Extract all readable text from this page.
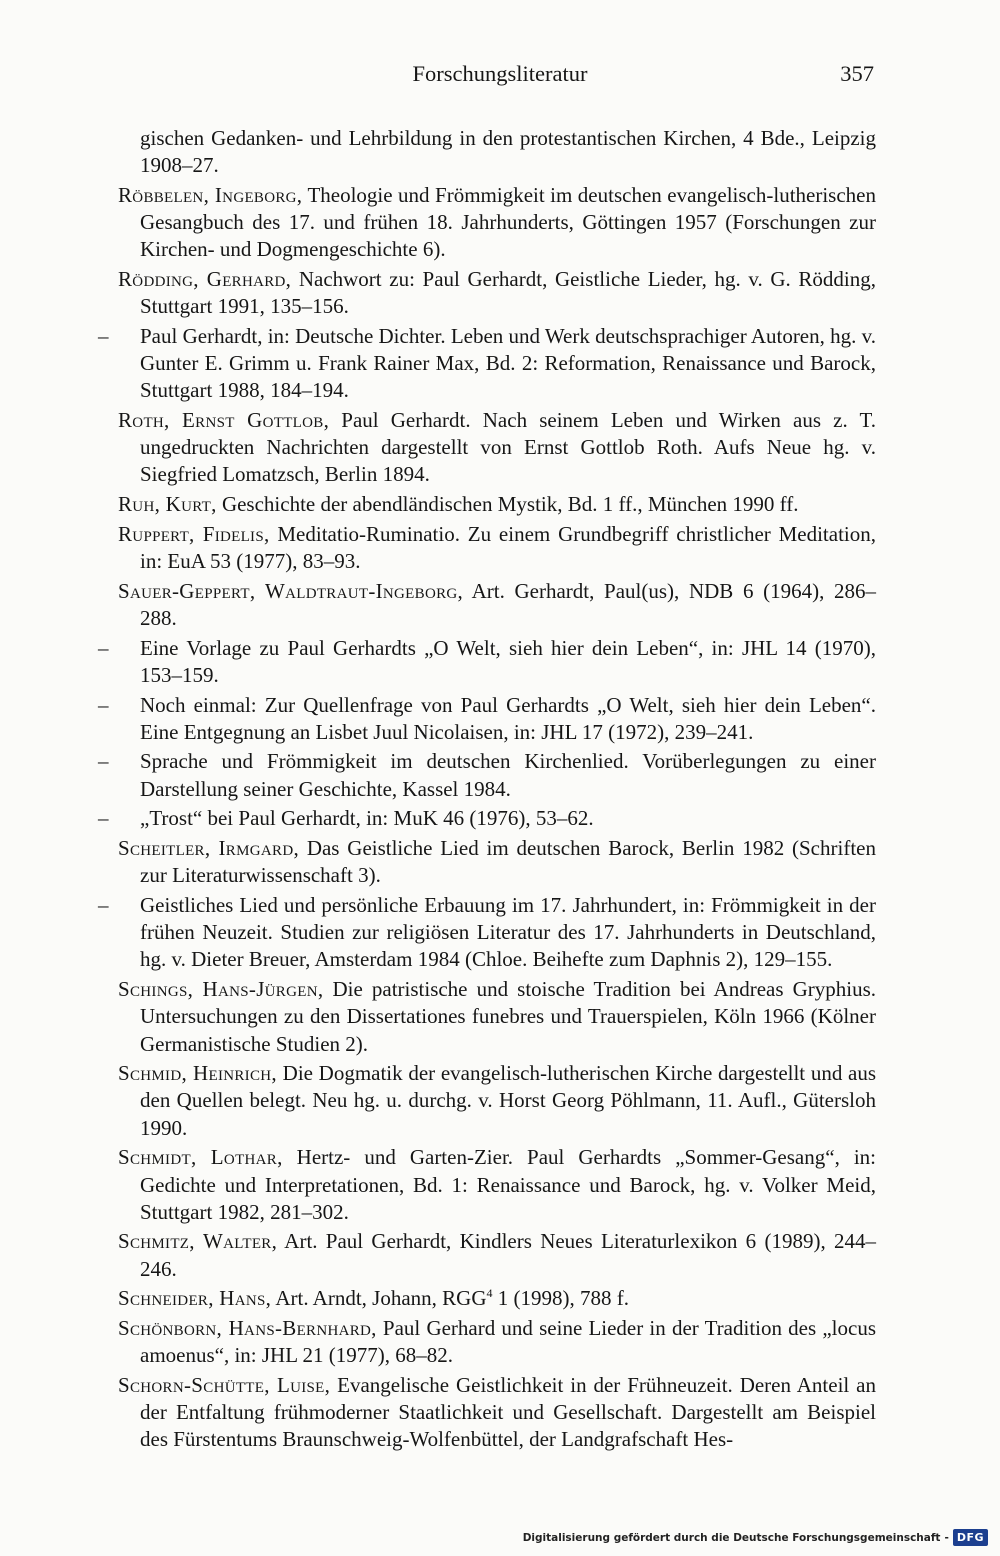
Forschungsliteratur	357
gischen Gedanken- und Lehrbildung in den protestantischen Kirchen, 4 Bde., Leipzig 1908–27.
Röbbelen, Ingeborg, Theologie und Frömmigkeit im deutschen evangelisch-lutherischen Gesangbuch des 17. und frühen 18. Jahrhunderts, Göttingen 1957 (Forschungen zur Kirchen- und Dogmengeschichte 6).
Rödding, Gerhard, Nachwort zu: Paul Gerhardt, Geistliche Lieder, hg. v. G. Rödding, Stuttgart 1991, 135–156.
– Paul Gerhardt, in: Deutsche Dichter. Leben und Werk deutschsprachiger Autoren, hg. v. Gunter E. Grimm u. Frank Rainer Max, Bd. 2: Reformation, Renaissance und Barock, Stuttgart 1988, 184–194.
Roth, Ernst Gottlob, Paul Gerhardt. Nach seinem Leben und Wirken aus z. T. ungedruckten Nachrichten dargestellt von Ernst Gottlob Roth. Aufs Neue hg. v. Siegfried Lomatzsch, Berlin 1894.
Ruh, Kurt, Geschichte der abendländischen Mystik, Bd. 1 ff., München 1990 ff.
Ruppert, Fidelis, Meditatio-Ruminatio. Zu einem Grundbegriff christlicher Meditation, in: EuA 53 (1977), 83–93.
Sauer-Geppert, Waldtraut-Ingeborg, Art. Gerhardt, Paul(us), NDB 6 (1964), 286–288.
– Eine Vorlage zu Paul Gerhardts „O Welt, sieh hier dein Leben“, in: JHL 14 (1970), 153–159.
– Noch einmal: Zur Quellenfrage von Paul Gerhardts „O Welt, sieh hier dein Leben“. Eine Entgegnung an Lisbet Juul Nicolaisen, in: JHL 17 (1972), 239–241.
– Sprache und Frömmigkeit im deutschen Kirchenlied. Vorüberlegungen zu einer Darstellung seiner Geschichte, Kassel 1984.
– „Trost“ bei Paul Gerhardt, in: MuK 46 (1976), 53–62.
Scheitler, Irmgard, Das Geistliche Lied im deutschen Barock, Berlin 1982 (Schriften zur Literaturwissenschaft 3).
– Geistliches Lied und persönliche Erbauung im 17. Jahrhundert, in: Frömmigkeit in der frühen Neuzeit. Studien zur religiösen Literatur des 17. Jahrhunderts in Deutschland, hg. v. Dieter Breuer, Amsterdam 1984 (Chloe. Beihefte zum Daphnis 2), 129–155.
Schings, Hans-Jürgen, Die patristische und stoische Tradition bei Andreas Gryphius. Untersuchungen zu den Dissertationes funebres und Trauerspielen, Köln 1966 (Kölner Germanistische Studien 2).
Schmid, Heinrich, Die Dogmatik der evangelisch-lutherischen Kirche dargestellt und aus den Quellen belegt. Neu hg. u. durchg. v. Horst Georg Pöhlmann, 11. Aufl., Gütersloh 1990.
Schmidt, Lothar, Hertz- und Garten-Zier. Paul Gerhardts „Sommer-Gesang“, in: Gedichte und Interpretationen, Bd. 1: Renaissance und Barock, hg. v. Volker Meid, Stuttgart 1982, 281–302.
Schmitz, Walter, Art. Paul Gerhardt, Kindlers Neues Literaturlexikon 6 (1989), 244–246.
Schneider, Hans, Art. Arndt, Johann, RGG$^4$ 1 (1998), 788 f.
Schönborn, Hans-Bernhard, Paul Gerhard und seine Lieder in der Tradition des „locus amoenus“, in: JHL 21 (1977), 68–82.
Schorn-Schütte, Luise, Evangelische Geistlichkeit in der Frühneuzeit. Deren Anteil an der Entfaltung frühmoderner Staatlichkeit und Gesellschaft. Dargestellt am Beispiel des Fürstentums Braunschweig-Wolfenbüttel, der Landgrafschaft Hes-
Digitalisierung gefördert durch die Deutsche Forschungsgemeinschaft - DFG
